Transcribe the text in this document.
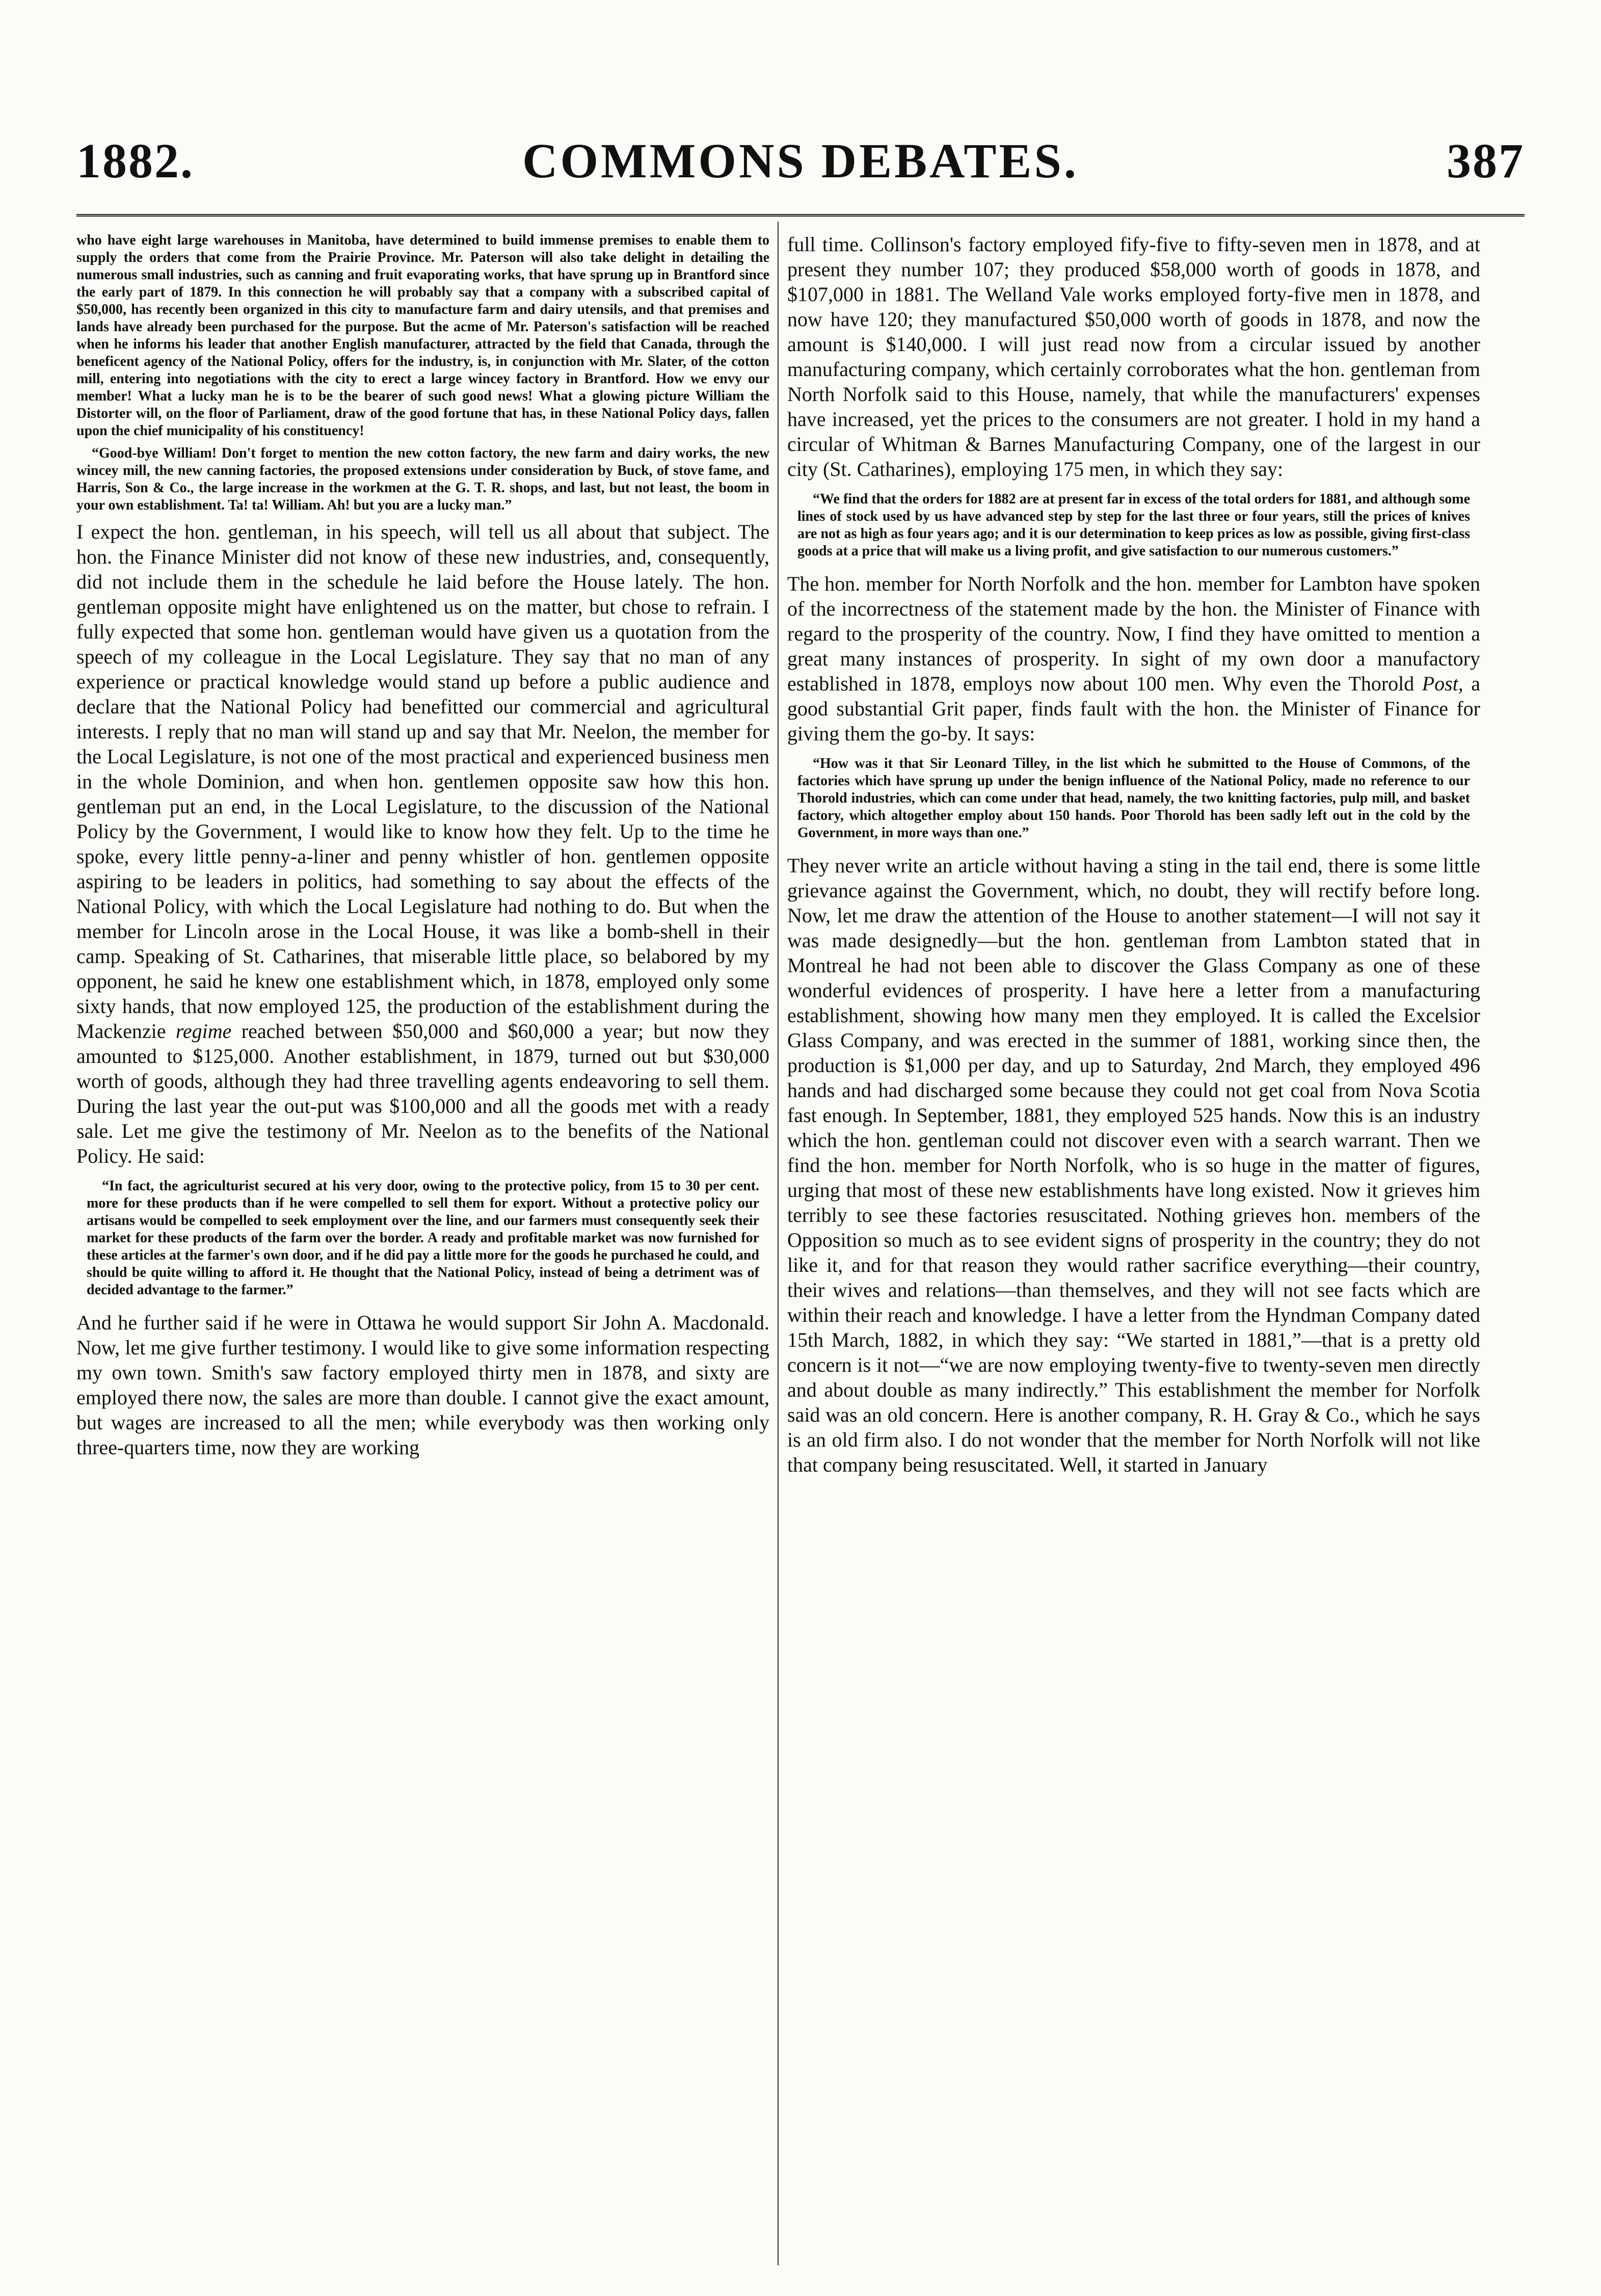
COMMONS DEBATES.
1882.	387

who have eight large warehouses in Manitoba, have determined to build immense premises to enable them to supply the orders that come from the Prairie Province. Mr. Paterson will also take delight in detailing the numerous small industries, such as canning and fruit evaporating works, that have sprung up in Brantford since the early part of 1879. In this connection he will probably say that a company with a subscribed capital of $50,000, has recently been organized in this city to manufacture farm and dairy utensils, and that premises and lands have already been purchased for the purpose. But the acme of Mr. Paterson's satisfaction will be reached when he informs his leader that another English manufacturer, attracted by the field that Canada, through the beneficent agency of the National Policy, offers for the industry, is, in conjunction with Mr. Slater, of the cotton mill, entering into negotiations with the city to erect a large wincey factory in Brantford. How we envy our member! What a lucky man he is to be the bearer of such good news! What a glowing picture William the Distorter will, on the floor of Parliament, draw of the good fortune that has, in these National Policy days, fallen upon the chief municipality of his constituency!

“Good-bye William! Don't forget to mention the new cotton factory, the new farm and dairy works, the new wincey mill, the new canning factories, the proposed extensions under consideration by Buck, of stove fame, and Harris, Son & Co., the large increase in the workmen at the G. T. R. shops, and last, but not least, the boom in your own establishment. Ta! ta! William. Ah! but you are a lucky man.”

I expect the hon. gentleman, in his speech, will tell us all about that subject. The hon. the Finance Minister did not know of these new industries, and, consequently, did not include them in the schedule he laid before the House lately. The hon. gentleman opposite might have enlightened us on the matter, but chose to refrain. I fully expected that some hon. gentleman would have given us a quotation from the speech of my colleague in the Local Legislature. They say that no man of any experience or practical knowledge would stand up before a public audience and declare that the National Policy had benefitted our commercial and agricultural interests. I reply that no man will stand up and say that Mr. Neelon, the member for the Local Legislature, is not one of the most practical and experienced business men in the whole Dominion, and when hon. gentlemen opposite saw how this hon. gentleman put an end, in the Local Legislature, to the discussion of the National Policy by the Government, I would like to know how they felt. Up to the time he spoke, every little penny-a-liner and penny whistler of hon. gentlemen opposite aspiring to be leaders in politics, had something to say about the effects of the National Policy, with which the Local Legislature had nothing to do. But when the member for Lincoln arose in the Local House, it was like a bomb-shell in their camp. Speaking of St. Catharines, that miserable little place, so belabored by my opponent, he said he knew one establishment which, in 1878, employed only some sixty hands, that now employed 125, the production of the establishment during the Mackenzie regime reached between $50,000 and $60,000 a year; but now they amounted to $125,000. Another establishment, in 1879, turned out but $30,000 worth of goods, although they had three travelling agents endeavoring to sell them. During the last year the out-put was $100,000 and all the goods met with a ready sale. Let me give the testimony of Mr. Neelon as to the benefits of the National Policy. He said:

“In fact, the agriculturist secured at his very door, owing to the protective policy, from 15 to 30 per cent. more for these products than if he were compelled to sell them for export. Without a protective policy our artisans would be compelled to seek employment over the line, and our farmers must consequently seek their market for these products of the farm over the border. A ready and profitable market was now furnished for these articles at the farmer's own door, and if he did pay a little more for the goods he purchased he could, and should be quite willing to afford it. He thought that the National Policy, instead of being a detriment was of decided advantage to the farmer.”

And he further said if he were in Ottawa he would support Sir John A. Macdonald. Now, let me give further testimony. I would like to give some information respecting my own town. Smith's saw factory employed thirty men in 1878, and sixty are employed there now, the sales are more than double. I cannot give the exact amount, but wages are increased to all the men; while everybody was then working only three-quarters time, now they are working

full time. Collinson's factory employed fify-five to fifty-seven men in 1878, and at present they number 107; they produced $58,000 worth of goods in 1878, and $107,000 in 1881. The Welland Vale works employed forty-five men in 1878, and now have 120; they manufactured $50,000 worth of goods in 1878, and now the amount is $140,000. I will just read now from a circular issued by another manufacturing company, which certainly corroborates what the hon. gentleman from North Norfolk said to this House, namely, that while the manufacturers' expenses have increased, yet the prices to the consumers are not greater. I hold in my hand a circular of Whitman & Barnes Manufacturing Company, one of the largest in our city (St. Catharines), employing 175 men, in which they say:

“We find that the orders for 1882 are at present far in excess of the total orders for 1881, and although some lines of stock used by us have advanced step by step for the last three or four years, still the prices of knives are not as high as four years ago; and it is our determination to keep prices as low as possible, giving first-class goods at a price that will make us a living profit, and give satisfaction to our numerous customers.”

The hon. member for North Norfolk and the hon. member for Lambton have spoken of the incorrectness of the statement made by the hon. the Minister of Finance with regard to the prosperity of the country. Now, I find they have omitted to mention a great many instances of prosperity. In sight of my own door a manufactory established in 1878, employs now about 100 men. Why even the Thorold Post, a good substantial Grit paper, finds fault with the hon. the Minister of Finance for giving them the go-by. It says:

“How was it that Sir Leonard Tilley, in the list which he submitted to the House of Commons, of the factories which have sprung up under the benign influence of the National Policy, made no reference to our Thorold industries, which can come under that head, namely, the two knitting factories, pulp mill, and basket factory, which altogether employ about 150 hands. Poor Thorold has been sadly left out in the cold by the Government, in more ways than one.”

They never write an article without having a sting in the tail end, there is some little grievance against the Government, which, no doubt, they will rectify before long. Now, let me draw the attention of the House to another statement—I will not say it was made designedly—but the hon. gentleman from Lambton stated that in Montreal he had not been able to discover the Glass Company as one of these wonderful evidences of prosperity. I have here a letter from a manufacturing establishment, showing how many men they employed. It is called the Excelsior Glass Company, and was erected in the summer of 1881, working since then, the production is $1,000 per day, and up to Saturday, 2nd March, they employed 496 hands and had discharged some because they could not get coal from Nova Scotia fast enough. In September, 1881, they employed 525 hands. Now this is an industry which the hon. gentleman could not discover even with a search warrant. Then we find the hon. member for North Norfolk, who is so huge in the matter of figures, urging that most of these new establishments have long existed. Now it grieves him terribly to see these factories resuscitated. Nothing grieves hon. members of the Opposition so much as to see evident signs of prosperity in the country; they do not like it, and for that reason they would rather sacrifice everything—their country, their wives and relations—than themselves, and they will not see facts which are within their reach and knowledge. I have a letter from the Hyndman Company dated 15th March, 1882, in which they say: “We started in 1881,”—that is a pretty old concern is it not—“we are now employing twenty-five to twenty-seven men directly and about double as many indirectly.” This establishment the member for Norfolk said was an old concern. Here is another company, R. H. Gray & Co., which he says is an old firm also. I do not wonder that the member for North Norfolk will not like that company being resuscitated. Well, it started in January
